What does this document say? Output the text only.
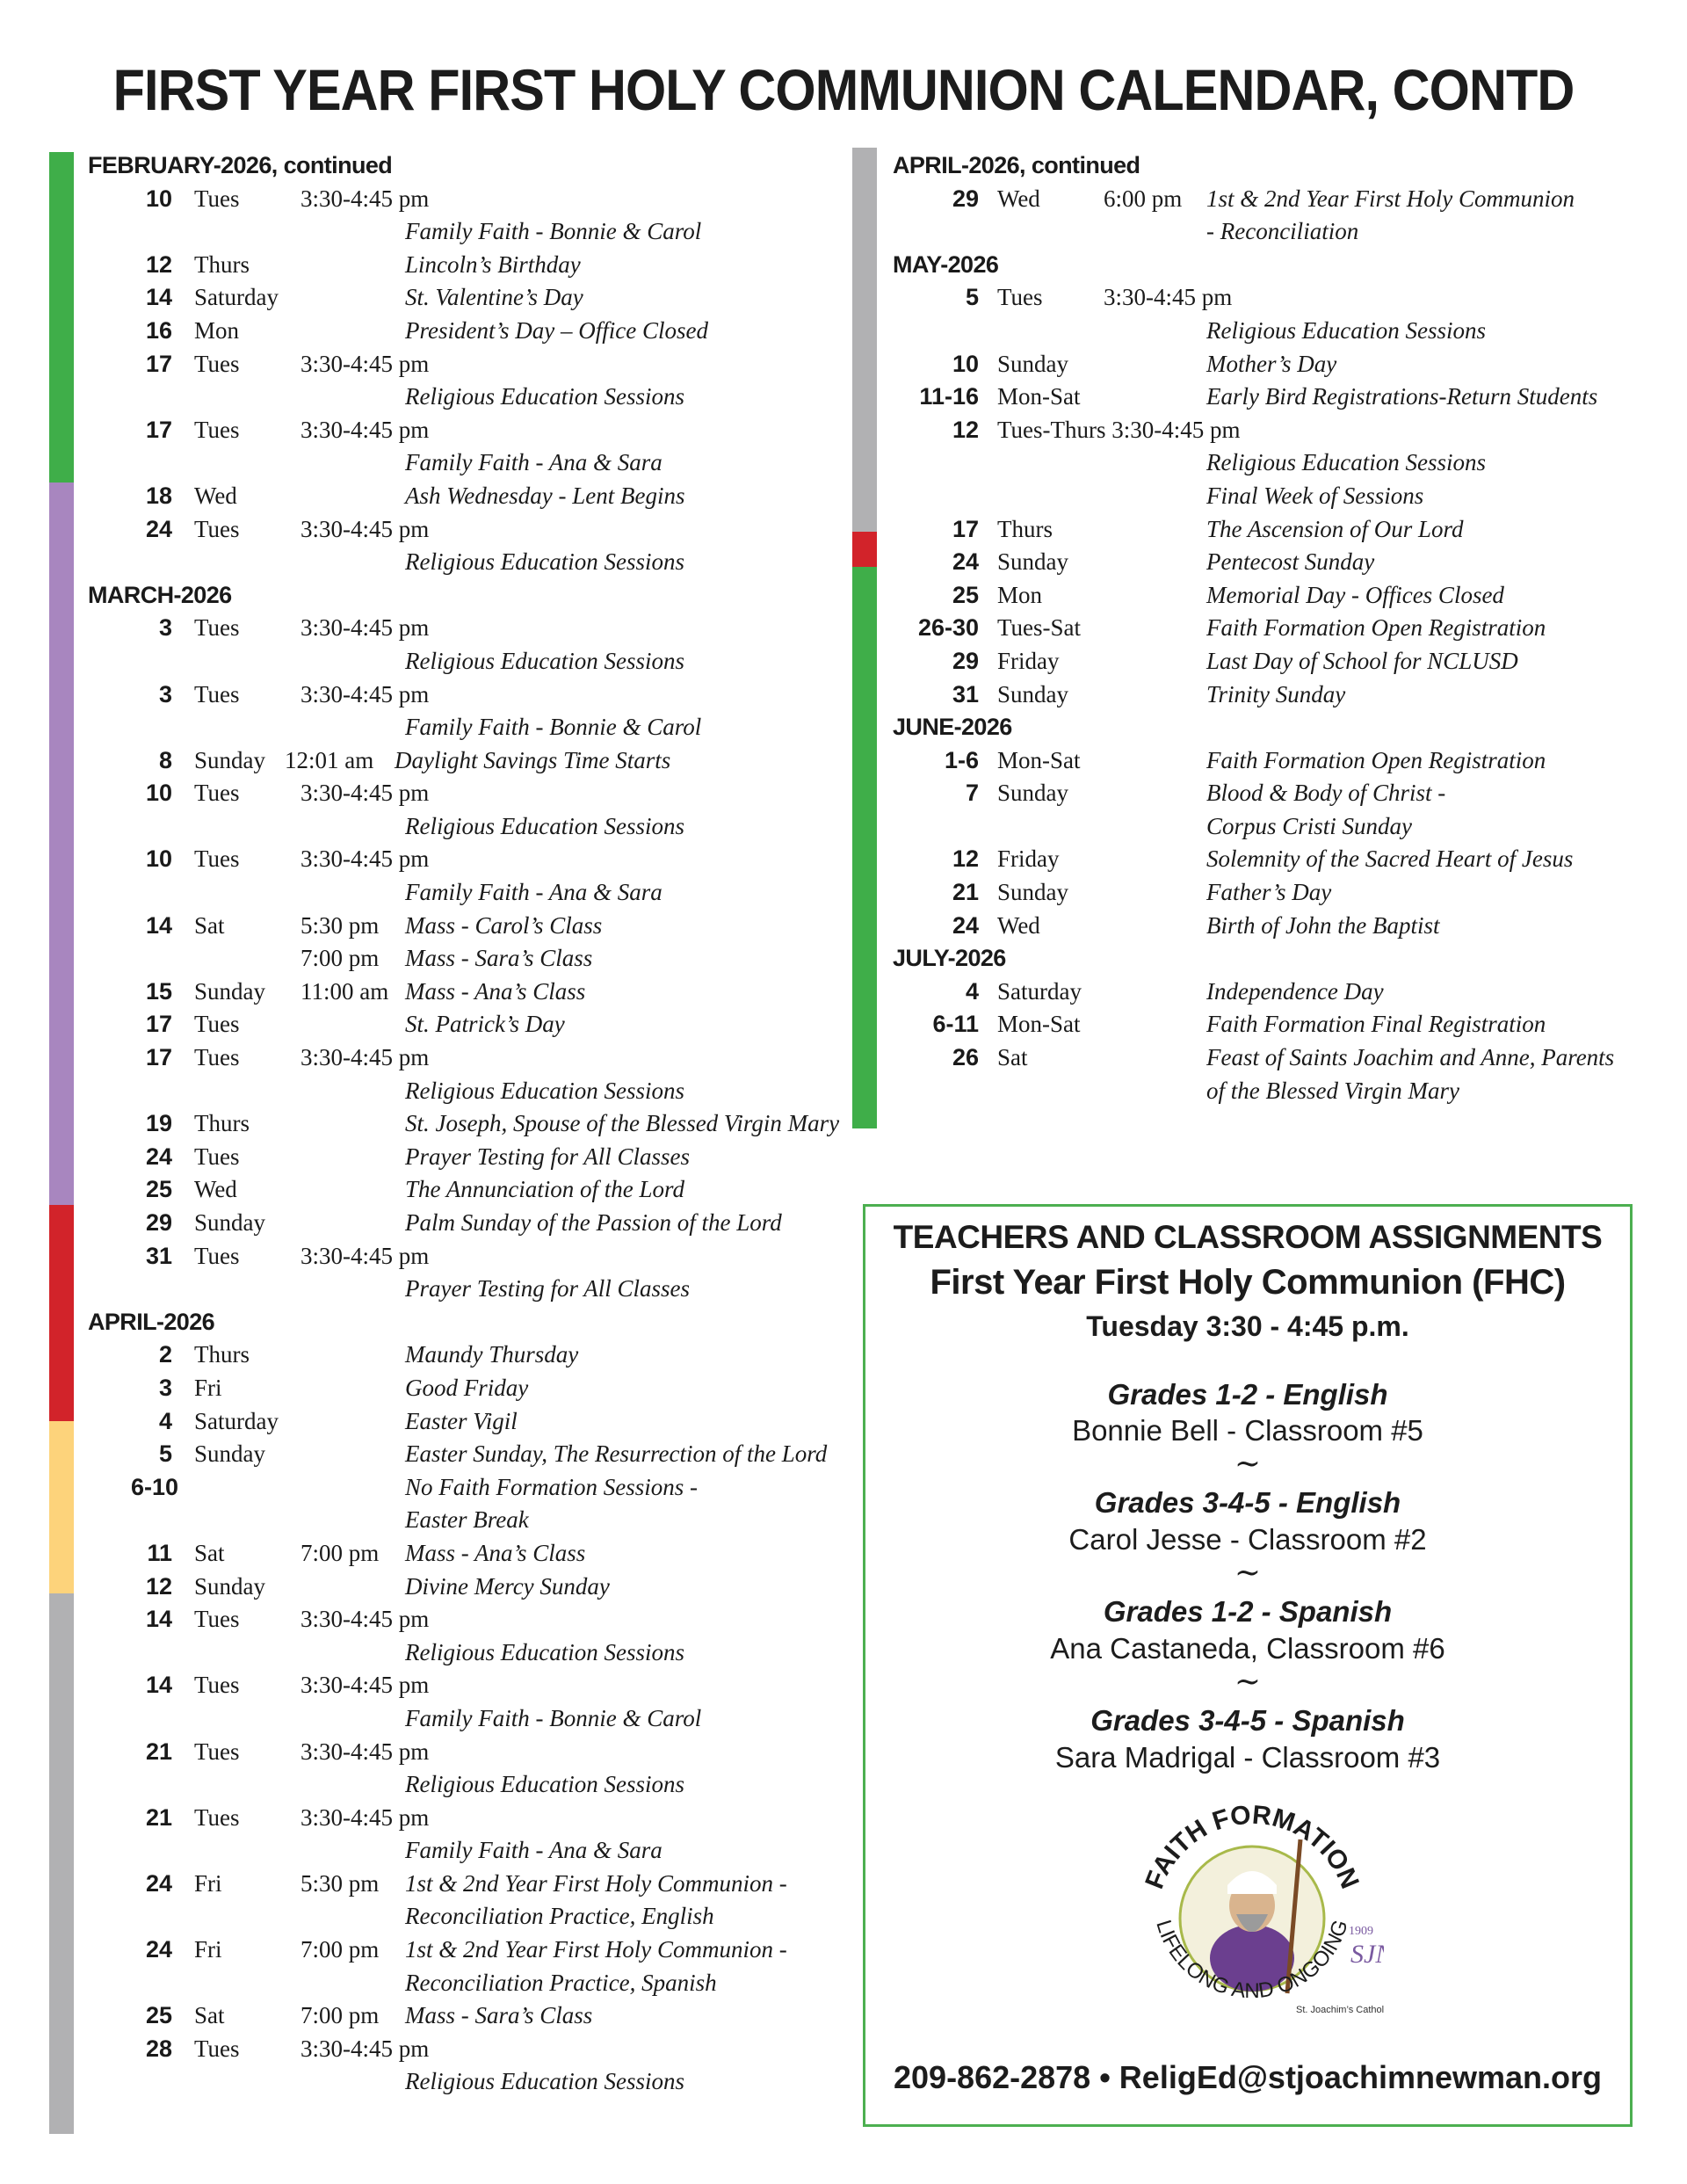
FIRST YEAR FIRST HOLY COMMUNION CALENDAR, CONTD
FEBRUARY-2026, continued
10 Tues	3:30-4:45 pm
Family Faith - Bonnie & Carol
12 Thurs	Lincoln’s Birthday
14 Saturday	St. Valentine’s Day
16 Mon	President’s Day – Office Closed
17 Tues	3:30-4:45 pm
Religious Education Sessions
17 Tues	3:30-4:45 pm
Family Faith - Ana & Sara
18 Wed	Ash Wednesday - Lent Begins
24 Tues	3:30-4:45 pm
Religious Education Sessions
MARCH-2026
3 Tues	3:30-4:45 pm
Religious Education Sessions
3 Tues	3:30-4:45 pm
Family Faith - Bonnie & Carol
8 Sunday 12:01 am Daylight Savings Time Starts
10 Tues	3:30-4:45 pm
Religious Education Sessions
10 Tues	3:30-4:45 pm
Family Faith - Ana & Sara
14 Sat	5:30 pm Mass - Carol’s Class
7:00 pm Mass - Sara’s Class
15 Sunday 11:00 am Mass - Ana’s Class
17 Tues	St. Patrick’s Day
17 Tues	3:30-4:45 pm
Religious Education Sessions
19 Thurs	St. Joseph, Spouse of the Blessed Virgin Mary
24 Tues	Prayer Testing for All Classes
25 Wed	The Annunciation of the Lord
29 Sunday	Palm Sunday of the Passion of the Lord
31 Tues	3:30-4:45 pm
Prayer Testing for All Classes
APRIL-2026
2 Thurs	Maundy Thursday
3 Fri	Good Friday
4 Saturday	Easter Vigil
5 Sunday	Easter Sunday, The Resurrection of the Lord
6-10	No Faith Formation Sessions -
Easter Break
11 Sat	7:00 pm Mass - Ana’s Class
12 Sunday	Divine Mercy Sunday
14 Tues	3:30-4:45 pm
Religious Education Sessions
14 Tues	3:30-4:45 pm
Family Faith - Bonnie & Carol
21 Tues	3:30-4:45 pm
Religious Education Sessions
21 Tues	3:30-4:45 pm
Family Faith - Ana & Sara
24 Fri	5:30 pm 1st & 2nd Year First Holy Communion -
Reconciliation Practice, English
24 Fri	7:00 pm 1st & 2nd Year First Holy Communion -
Reconciliation Practice, Spanish
25 Sat	7:00 pm Mass - Sara’s Class
28 Tues	3:30-4:45 pm
Religious Education Sessions
APRIL-2026, continued
29 Wed	6:00 pm 1st & 2nd Year First Holy Communion
- Reconciliation
MAY-2026
5 Tues	3:30-4:45 pm
Religious Education Sessions
10 Sunday	Mother’s Day
11-16 Mon-Sat	Early Bird Registrations-Return Students
12 Tues-Thurs 3:30-4:45 pm
Religious Education Sessions
Final Week of Sessions
17 Thurs	The Ascension of Our Lord
24 Sunday	Pentecost Sunday
25 Mon	Memorial Day - Offices Closed
26-30 Tues-Sat	Faith Formation Open Registration
29 Friday	Last Day of School for NCLUSD
31 Sunday	Trinity Sunday
JUNE-2026
1-6 Mon-Sat	Faith Formation Open Registration
7 Sunday	Blood & Body of Christ -
Corpus Cristi Sunday
12 Friday	Solemnity of the Sacred Heart of Jesus
21 Sunday	Father’s Day
24 Wed	Birth of John the Baptist
JULY-2026
4 Saturday	Independence Day
6-11 Mon-Sat	Faith Formation Final Registration
26 Sat	Feast of Saints Joachim and Anne, Parents
of the Blessed Virgin Mary
TEACHERS AND CLASSROOM ASSIGNMENTS
First Year First Holy Communion (FHC)
Tuesday 3:30 - 4:45 p.m.
Grades 1-2 - English
Bonnie Bell - Classroom #5
~
Grades 3-4-5 - English
Carol Jesse - Classroom #2
~
Grades 1-2 - Spanish
Ana Castaneda, Classroom #6
~
Grades 3-4-5 - Spanish
Sara Madrigal - Classroom #3
FAITH FORMATION
LIFELONG AND ONGOING
SJ
1909
St. Joachim’s Cathol
209-862-2878 • ReligEd@stjoachimnewman.org
